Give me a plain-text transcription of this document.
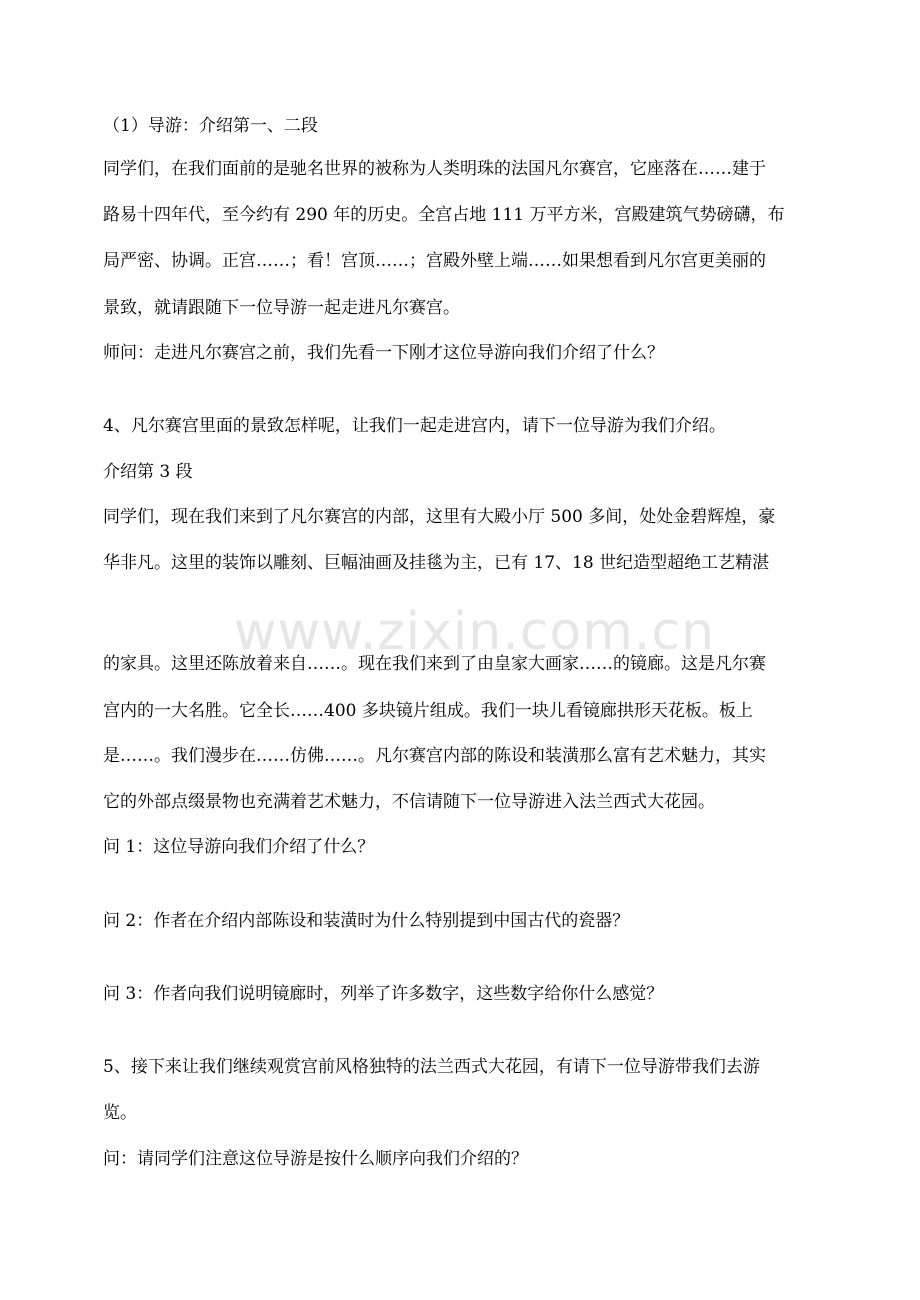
（1）导游：介绍第一、二段
同学们，在我们面前的是驰名世界的被称为人类明珠的法国凡尔赛宫，它座落在……建于
路易十四年代，至今约有 290 年的历史。全宫占地 111 万平方米，宫殿建筑气势磅礴，布
局严密、协调。正宫……；看！宫顶……；宫殿外壁上端……如果想看到凡尔宫更美丽的
景致，就请跟随下一位导游一起走进凡尔赛宫。
师问：走进凡尔赛宫之前，我们先看一下刚才这位导游向我们介绍了什么？
4、凡尔赛宫里面的景致怎样呢，让我们一起走进宫内，请下一位导游为我们介绍。
介绍第 3 段
同学们，现在我们来到了凡尔赛宫的内部，这里有大殿小厅 500 多间，处处金碧辉煌，豪
华非凡。这里的装饰以雕刻、巨幅油画及挂毯为主，已有 17、18 世纪造型超绝工艺精湛
www.zixin.com.cn
的家具。这里还陈放着来自……。现在我们来到了由皇家大画家……的镜廊。这是凡尔赛
宫内的一大名胜。它全长……400 多块镜片组成。我们一块儿看镜廊拱形天花板。板上
是……。我们漫步在……仿佛……。凡尔赛宫内部的陈设和装潢那么富有艺术魅力，其实
它的外部点缀景物也充满着艺术魅力，不信请随下一位导游进入法兰西式大花园。
问 1：这位导游向我们介绍了什么？
问 2：作者在介绍内部陈设和装潢时为什么特别提到中国古代的瓷器？
问 3：作者向我们说明镜廊时，列举了许多数字，这些数字给你什么感觉？
5、接下来让我们继续观赏宫前风格独特的法兰西式大花园，有请下一位导游带我们去游
览。
问：请同学们注意这位导游是按什么顺序向我们介绍的？
